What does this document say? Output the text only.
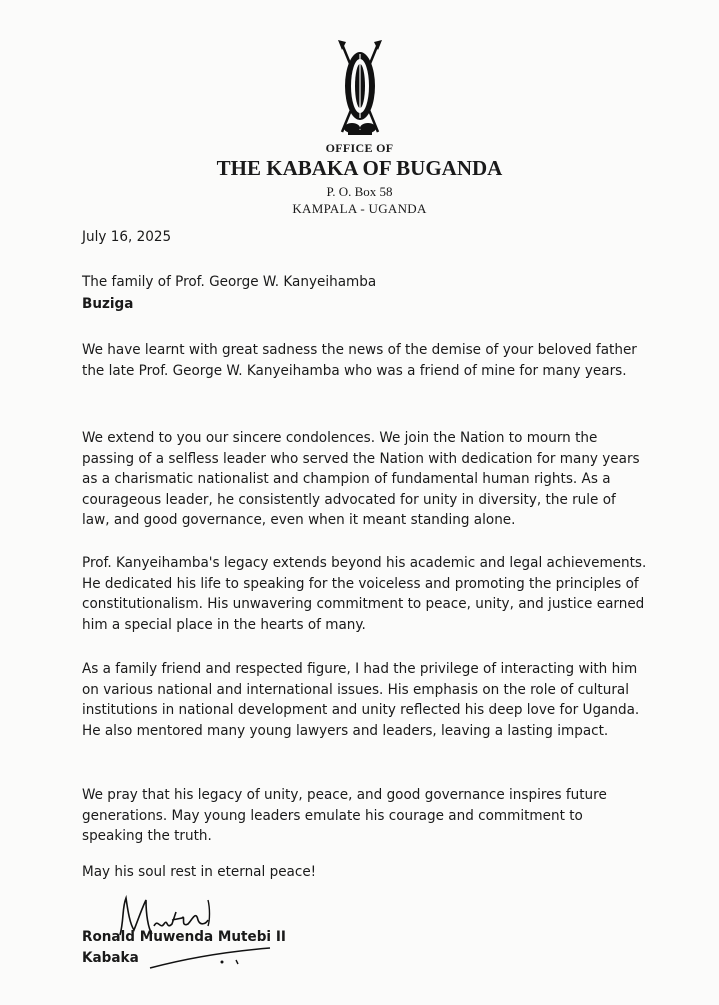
OFFICE OF
THE KABAKA OF BUGANDA
P. O. Box 58
KAMPALA - UGANDA
July 16, 2025
The family of Prof. George W. Kanyeihamba
Buziga

We have learnt with great sadness the news of the demise of your beloved father the late Prof. George W. Kanyeihamba who was a friend of mine for many years.

We extend to you our sincere condolences. We join the Nation to mourn the passing of a selfless leader who served the Nation with dedication for many years as a charismatic nationalist and champion of fundamental human rights. As a courageous leader, he consistently advocated for unity in diversity, the rule of law, and good governance, even when it meant standing alone.

Prof. Kanyeihamba's legacy extends beyond his academic and legal achievements. He dedicated his life to speaking for the voiceless and promoting the principles of constitutionalism. His unwavering commitment to peace, unity, and justice earned him a special place in the hearts of many.

As a family friend and respected figure, I had the privilege of interacting with him on various national and international issues. His emphasis on the role of cultural institutions in national development and unity reflected his deep love for Uganda. He also mentored many young lawyers and leaders, leaving a lasting impact.

We pray that his legacy of unity, peace, and good governance inspires future generations. May young leaders emulate his courage and commitment to speaking the truth.

May his soul rest in eternal peace!
Ronald Muwenda Mutebi II
Kabaka
